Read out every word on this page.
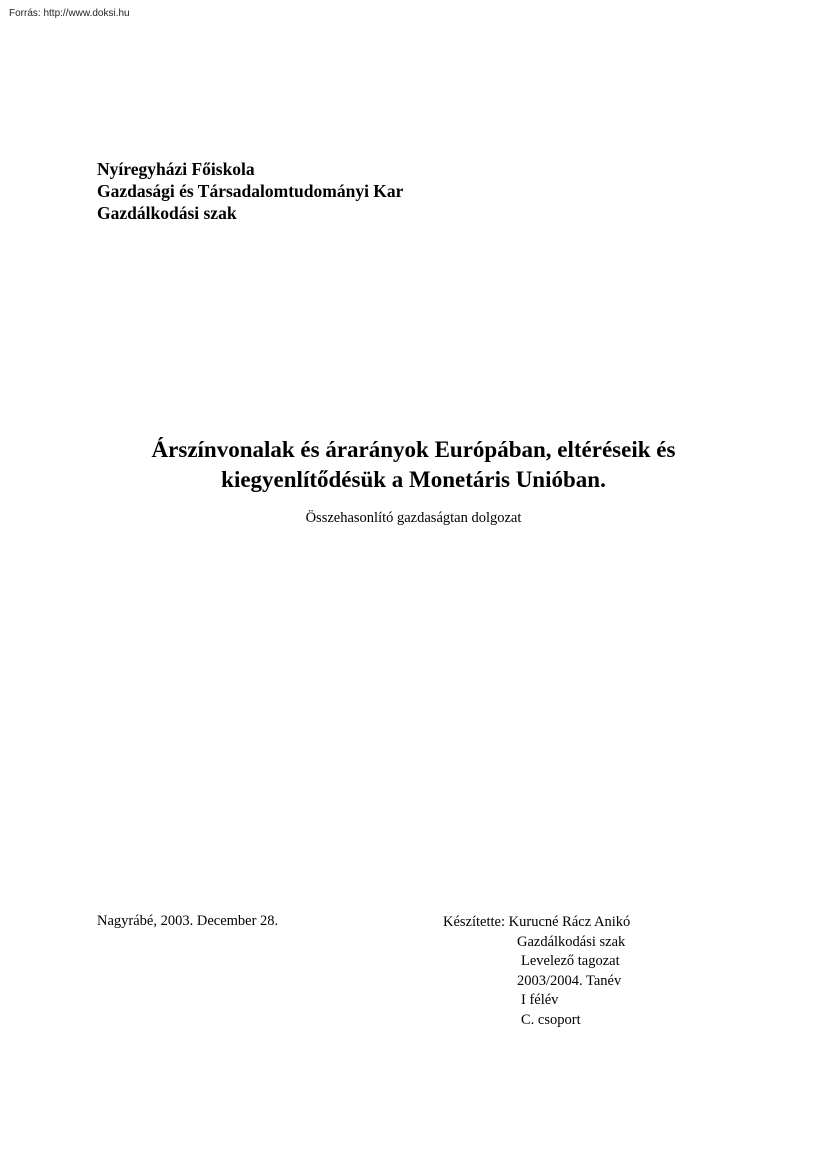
Forrás: http://www.doksi.hu
Nyíregyházi Főiskola
Gazdasági és Társadalomtudományi Kar
Gazdálkodási szak
Árszínvonalak és árarányok Európában, eltéréseik és
kiegyenlítődésük a Monetáris Unióban.
Összehasonlító gazdaságtan dolgozat
Nagyrábé, 2003. December 28.	Készítette: Kurucné Rácz Anikó
Gazdálkodási szak
Levelező tagozat
2003/2004. Tanév
I félév
C. csoport
